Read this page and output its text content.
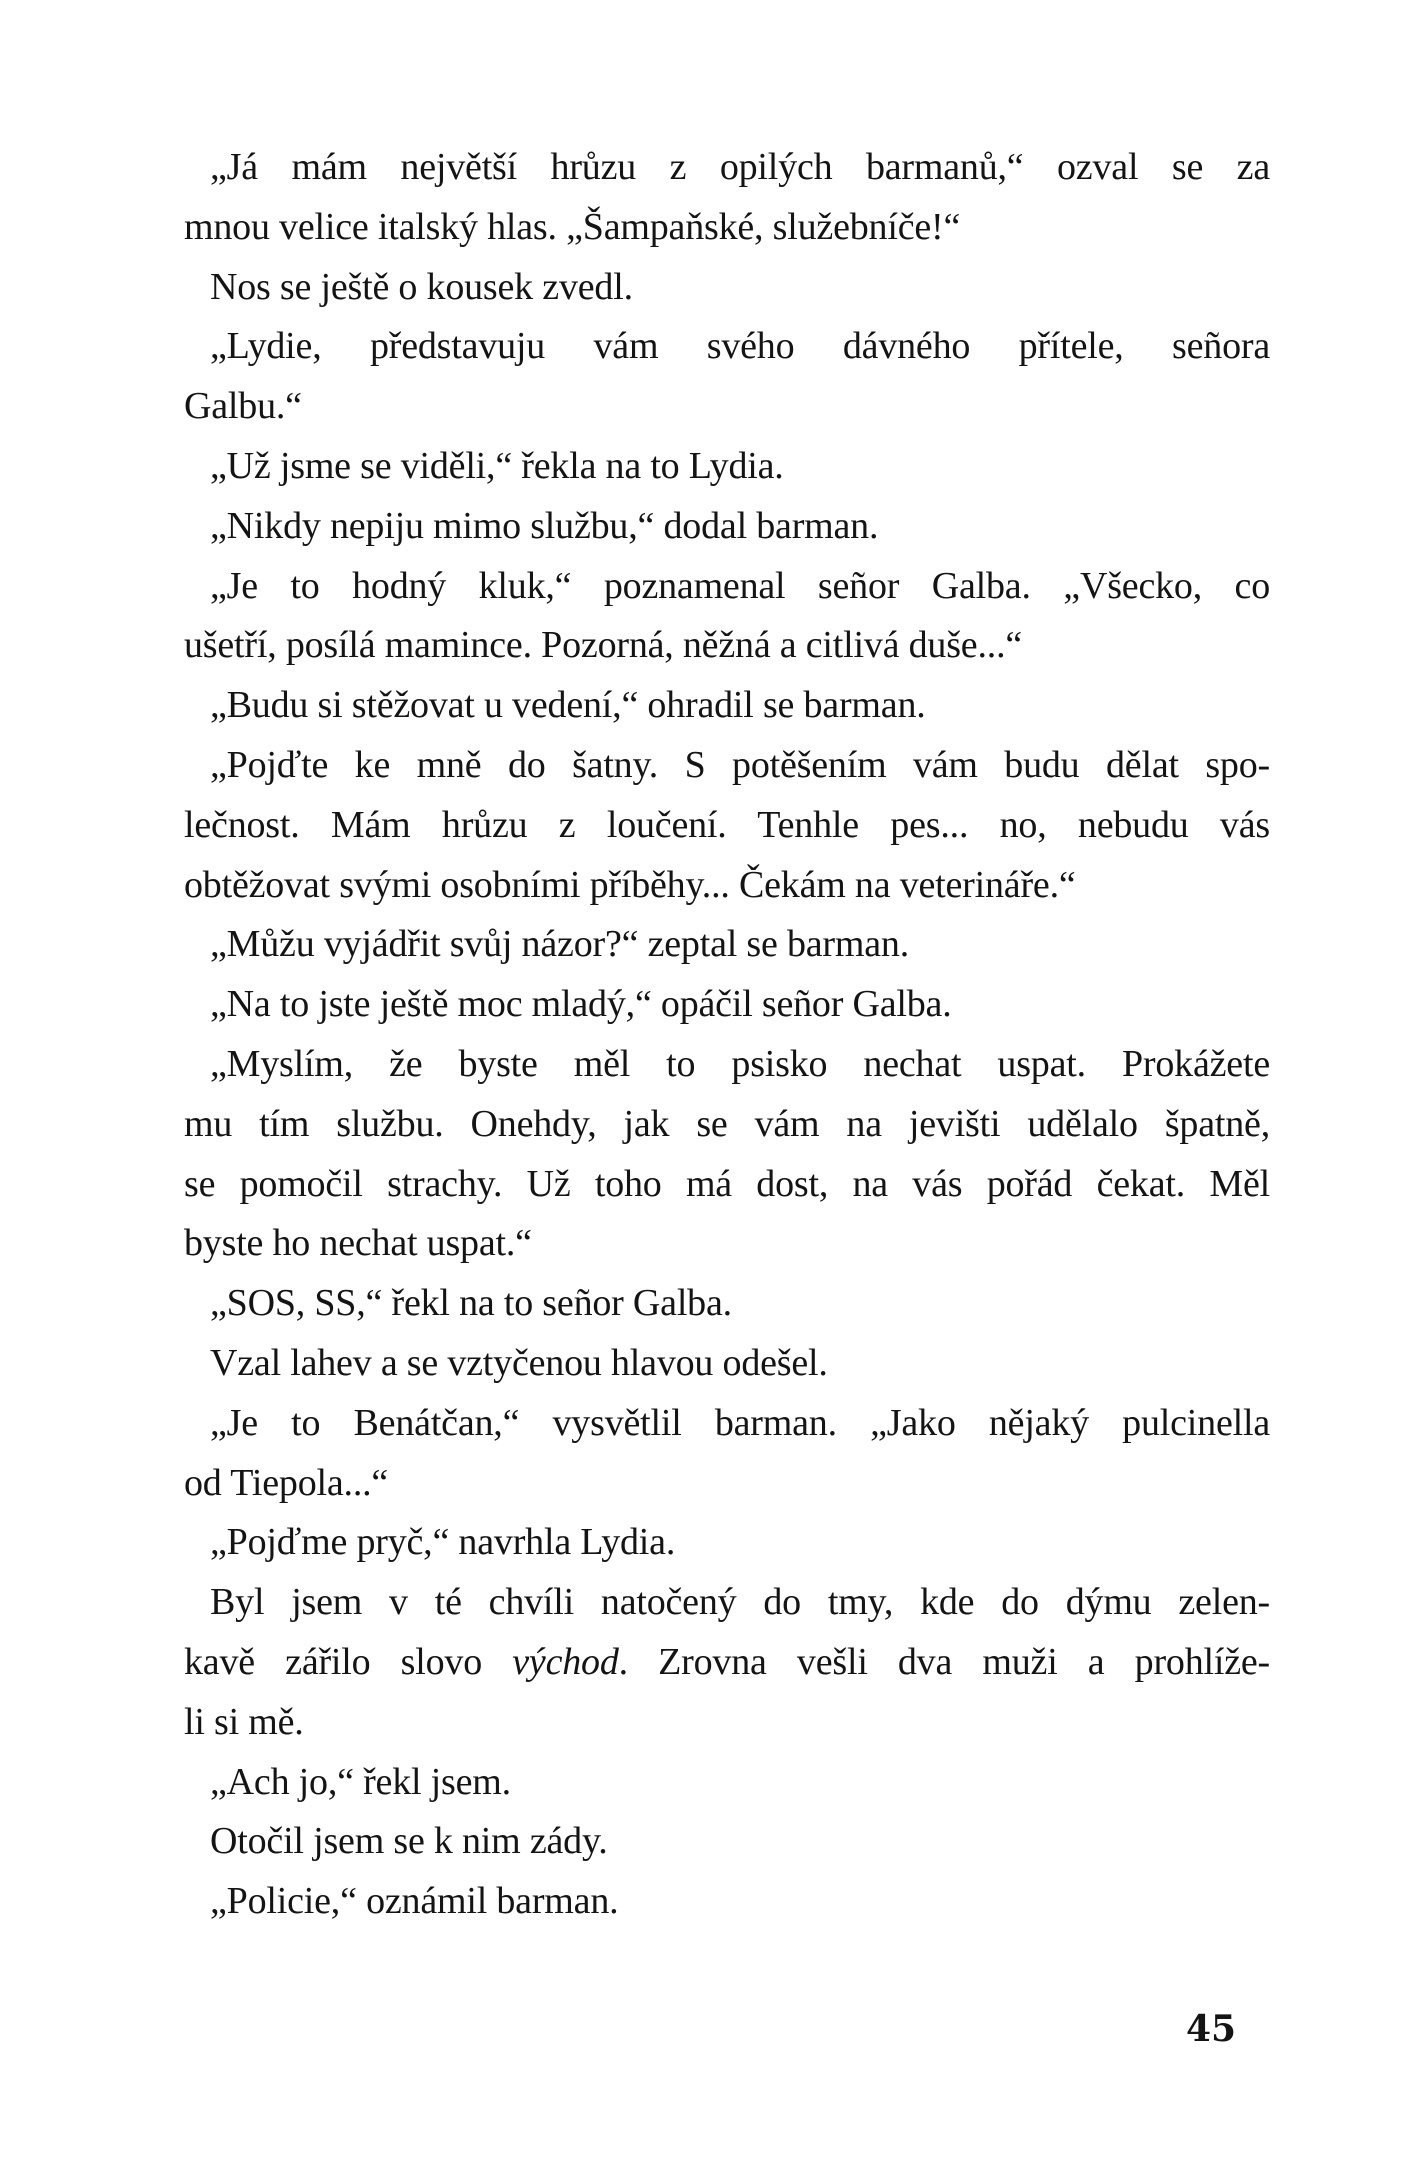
„Já mám největší hrůzu z opilých barmanů,“ ozval se za
mnou velice italský hlas. „Šampaňské, služebníče!“
Nos se ještě o kousek zvedl.
„Lydie, představuju vám svého dávného přítele, señora
Galbu.“
„Už jsme se viděli,“ řekla na to Lydia.
„Nikdy nepiju mimo službu,“ dodal barman.
„Je to hodný kluk,“ poznamenal señor Galba. „Všecko, co
ušetří, posílá mamince. Pozorná, něžná a citlivá duše...“
„Budu si stěžovat u vedení,“ ohradil se barman.
„Pojďte ke mně do šatny. S potěšením vám budu dělat spo-
lečnost. Mám hrůzu z loučení. Tenhle pes... no, nebudu vás
obtěžovat svými osobními příběhy... Čekám na veterináře.“
„Můžu vyjádřit svůj názor?“ zeptal se barman.
„Na to jste ještě moc mladý,“ opáčil señor Galba.
„Myslím, že byste měl to psisko nechat uspat. Prokážete
mu tím službu. Onehdy, jak se vám na jevišti udělalo špatně,
se pomočil strachy. Už toho má dost, na vás pořád čekat. Měl
byste ho nechat uspat.“
„SOS, SS,“ řekl na to señor Galba.
Vzal lahev a se vztyčenou hlavou odešel.
„Je to Benátčan,“ vysvětlil barman. „Jako nějaký pulcinella
od Tiepola...“
„Pojďme pryč,“ navrhla Lydia.
Byl jsem v té chvíli natočený do tmy, kde do dýmu zelen-
kavě zářilo slovo východ. Zrovna vešli dva muži a prohlíže-
li si mě.
„Ach jo,“ řekl jsem.
Otočil jsem se k nim zády.
„Policie,“ oznámil barman.
45
